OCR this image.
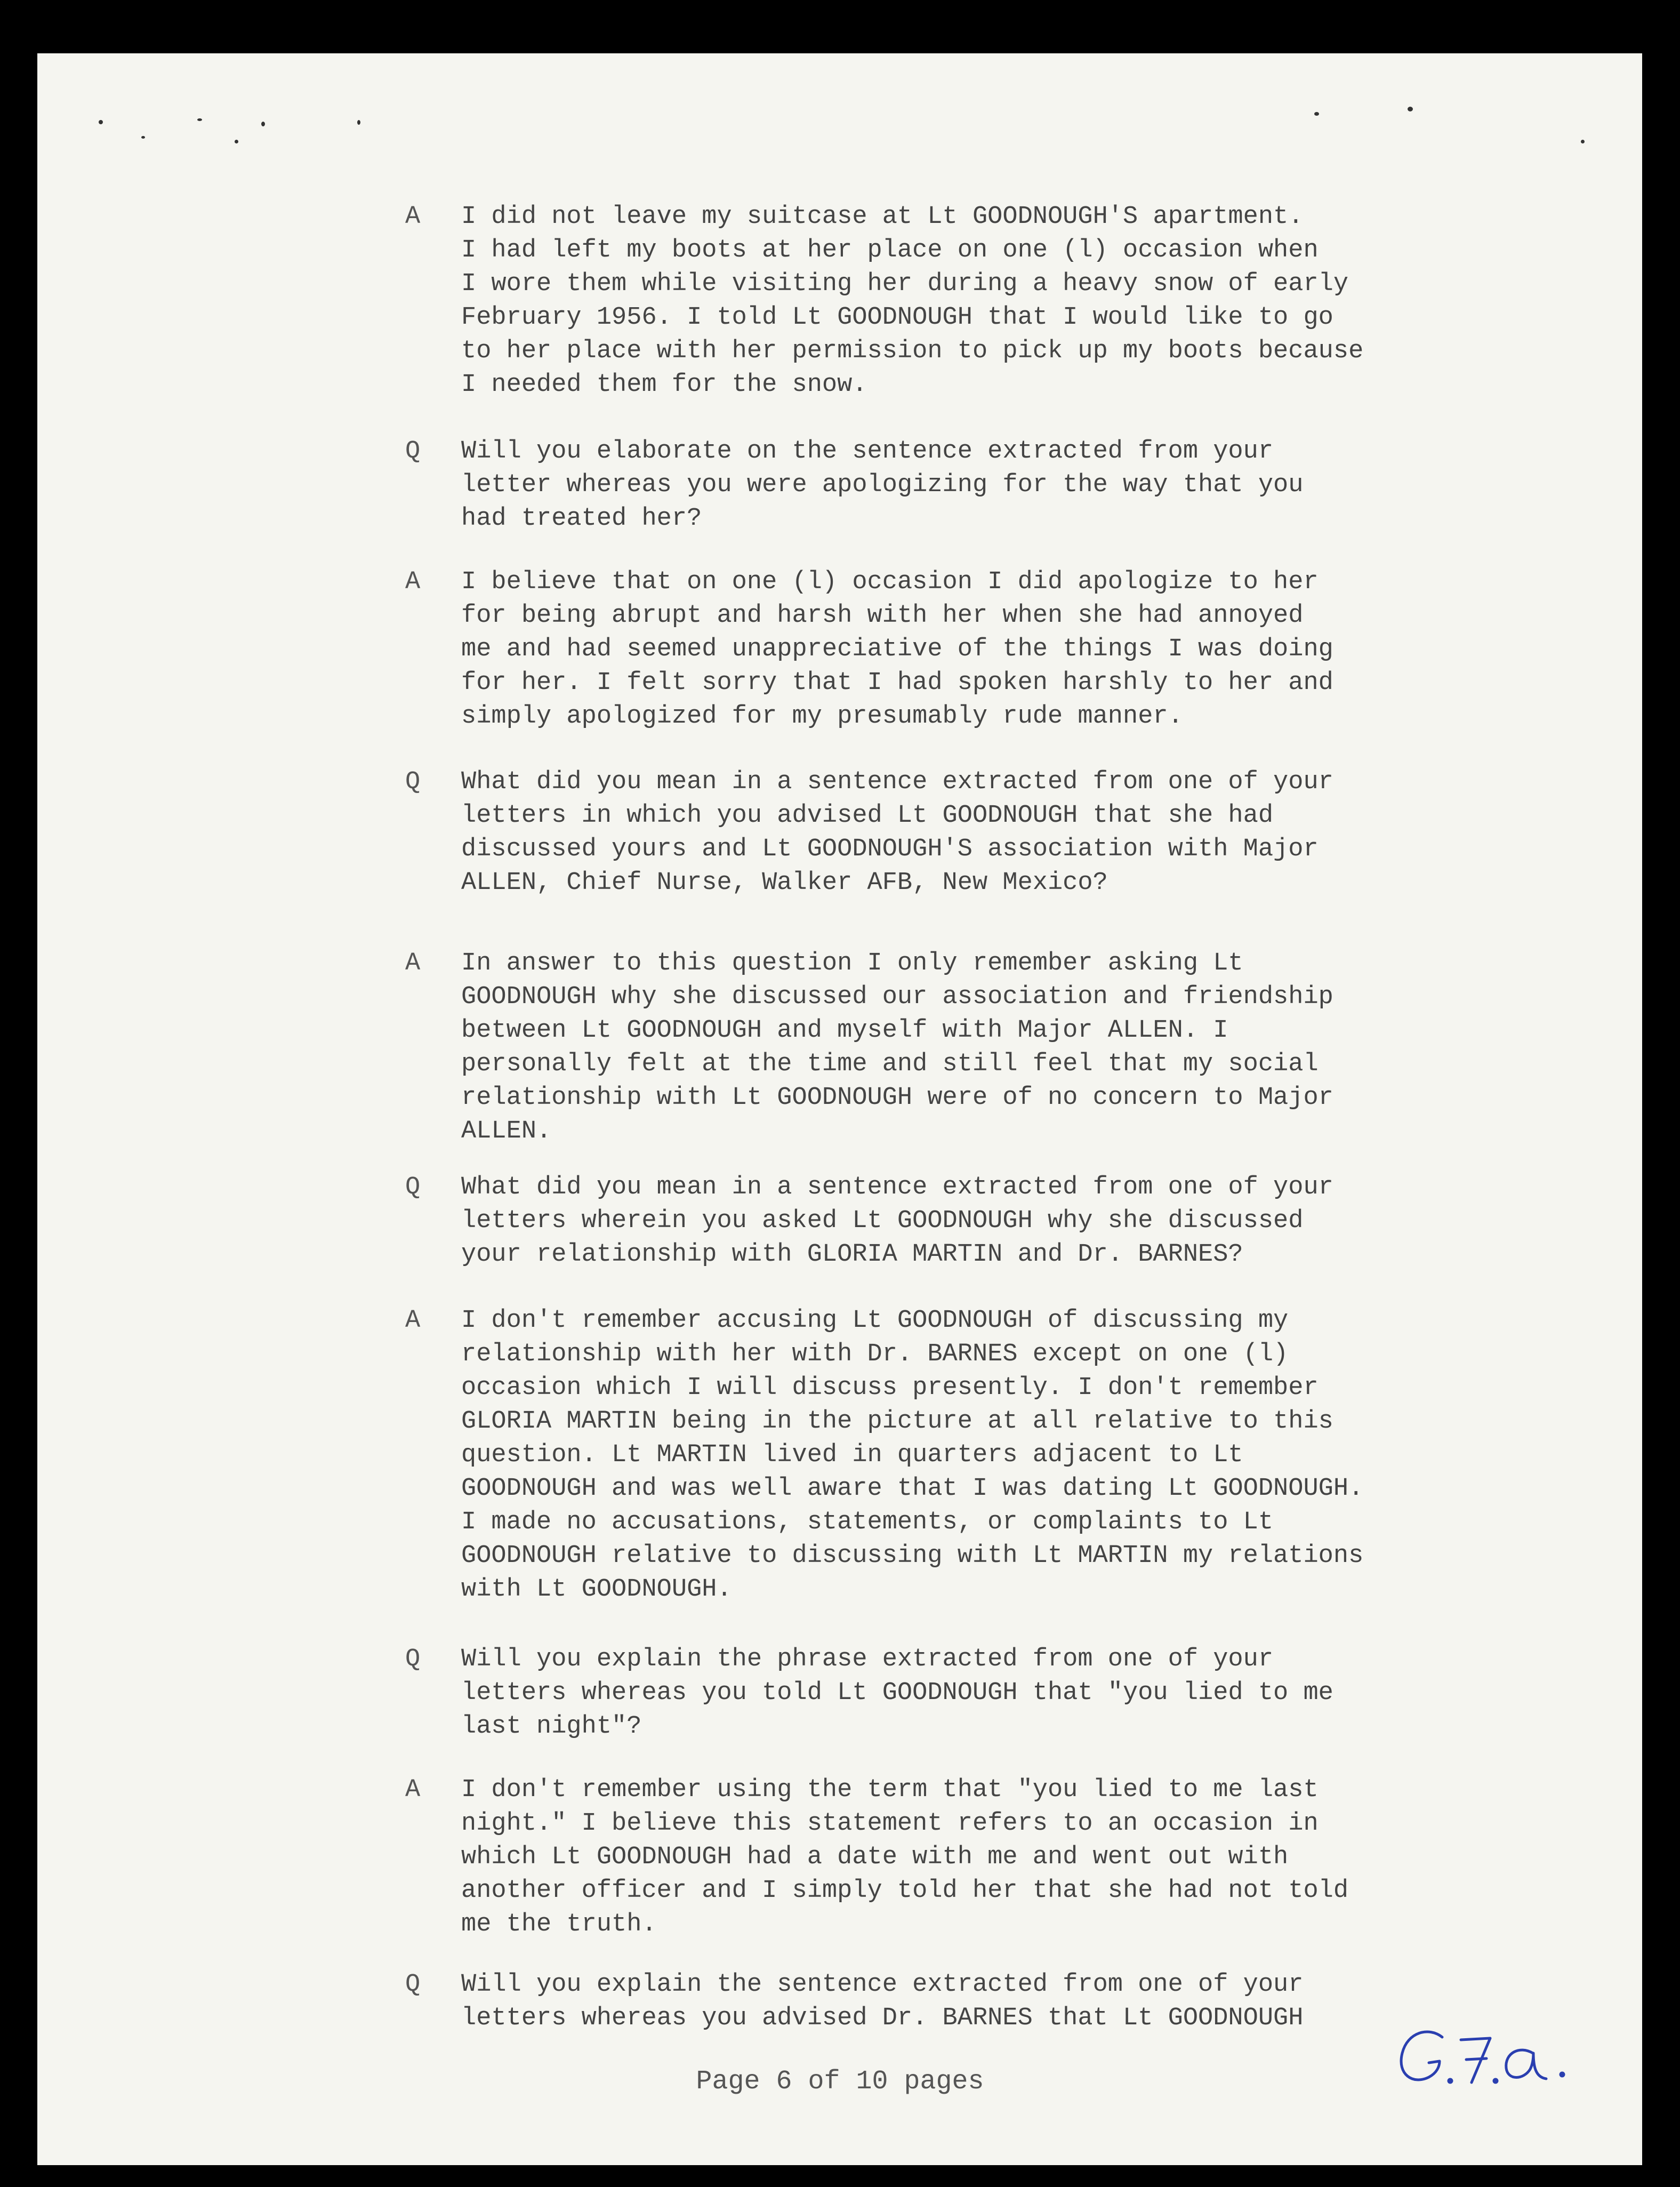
A	I did not leave my suitcase at Lt GOODNOUGH'S apartment.
I had left my boots at her place on one (l) occasion when
I wore them while visiting her during a heavy snow of early
February 1956. I told Lt GOODNOUGH that I would like to go
to her place with her permission to pick up my boots because
I needed them for the snow.
Q	Will you elaborate on the sentence extracted from your
letter whereas you were apologizing for the way that you
had treated her?
A	I believe that on one (l) occasion I did apologize to her
for being abrupt and harsh with her when she had annoyed
me and had seemed unappreciative of the things I was doing
for her. I felt sorry that I had spoken harshly to her and
simply apologized for my presumably rude manner.
Q	What did you mean in a sentence extracted from one of your
letters in which you advised Lt GOODNOUGH that she had
discussed yours and Lt GOODNOUGH'S association with Major
ALLEN, Chief Nurse, Walker AFB, New Mexico?
A	In answer to this question I only remember asking Lt
GOODNOUGH why she discussed our association and friendship
between Lt GOODNOUGH and myself with Major ALLEN. I
personally felt at the time and still feel that my social
relationship with Lt GOODNOUGH were of no concern to Major
ALLEN.
Q	What did you mean in a sentence extracted from one of your
letters wherein you asked Lt GOODNOUGH why she discussed
your relationship with GLORIA MARTIN and Dr. BARNES?
A	I don't remember accusing Lt GOODNOUGH of discussing my
relationship with her with Dr. BARNES except on one (l)
occasion which I will discuss presently. I don't remember
GLORIA MARTIN being in the picture at all relative to this
question. Lt MARTIN lived in quarters adjacent to Lt
GOODNOUGH and was well aware that I was dating Lt GOODNOUGH.
I made no accusations, statements, or complaints to Lt
GOODNOUGH relative to discussing with Lt MARTIN my relations
with Lt GOODNOUGH.
Q	Will you explain the phrase extracted from one of your
letters whereas you told Lt GOODNOUGH that "you lied to me
last night"?
A	I don't remember using the term that "you lied to me last
night." I believe this statement refers to an occasion in
which Lt GOODNOUGH had a date with me and went out with
another officer and I simply told her that she had not told
me the truth.
Q	Will you explain the sentence extracted from one of your
letters whereas you advised Dr. BARNES that Lt GOODNOUGH
Page 6 of 10 pages
